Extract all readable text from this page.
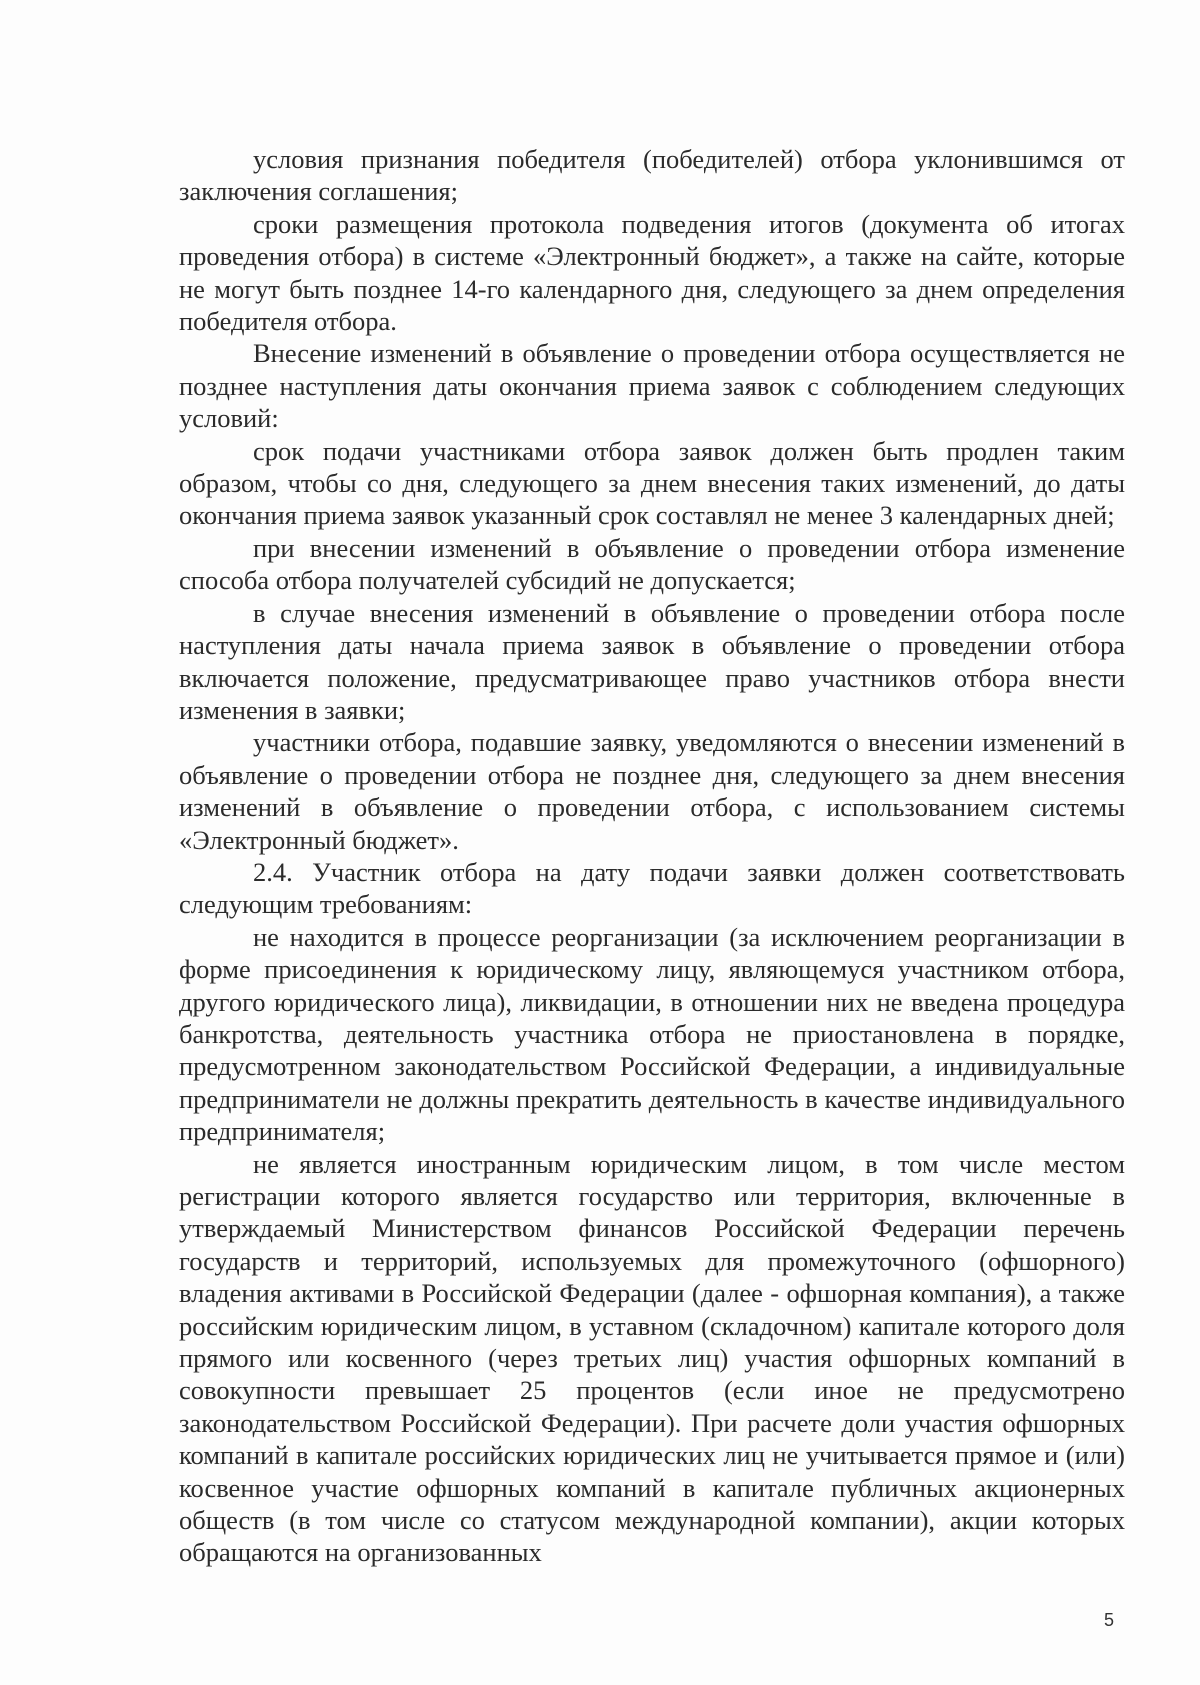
условия признания победителя (победителей) отбора уклонившимся от заключения соглашения;

сроки размещения протокола подведения итогов (документа об итогах проведения отбора) в системе «Электронный бюджет», а также на сайте, которые не могут быть позднее 14-го календарного дня, следующего за днем определения победителя отбора.

Внесение изменений в объявление о проведении отбора осуществляется не позднее наступления даты окончания приема заявок с соблюдением следующих условий:

срок подачи участниками отбора заявок должен быть продлен таким образом, чтобы со дня, следующего за днем внесения таких изменений, до даты окончания приема заявок указанный срок составлял не менее 3 календарных дней;

при внесении изменений в объявление о проведении отбора изменение способа отбора получателей субсидий не допускается;

в случае внесения изменений в объявление о проведении отбора после наступления даты начала приема заявок в объявление о проведении отбора включается положение, предусматривающее право участников отбора внести изменения в заявки;

участники отбора, подавшие заявку, уведомляются о внесении изменений в объявление о проведении отбора не позднее дня, следующего за днем внесения изменений в объявление о проведении отбора, с использованием системы «Электронный бюджет».

2.4. Участник отбора на дату подачи заявки должен соответствовать следующим требованиям:

не находится в процессе реорганизации (за исключением реорганизации в форме присоединения к юридическому лицу, являющемуся участником отбора, другого юридического лица), ликвидации, в отношении них не введена процедура банкротства, деятельность участника отбора не приостановлена в порядке, предусмотренном законодательством Российской Федерации, а индивидуальные предприниматели не должны прекратить деятельность в качестве индивидуального предпринимателя;

не является иностранным юридическим лицом, в том числе местом регистрации которого является государство или территория, включенные в утверждаемый Министерством финансов Российской Федерации перечень государств и территорий, используемых для промежуточного (офшорного) владения активами в Российской Федерации (далее - офшорная компания), а также российским юридическим лицом, в уставном (складочном) капитале которого доля прямого или косвенного (через третьих лиц) участия офшорных компаний в совокупности превышает 25 процентов (если иное не предусмотрено законодательством Российской Федерации). При расчете доли участия офшорных компаний в капитале российских юридических лиц не учитывается прямое и (или) косвенное участие офшорных компаний в капитале публичных акционерных обществ (в том числе со статусом международной компании), акции которых обращаются на организованных

5
